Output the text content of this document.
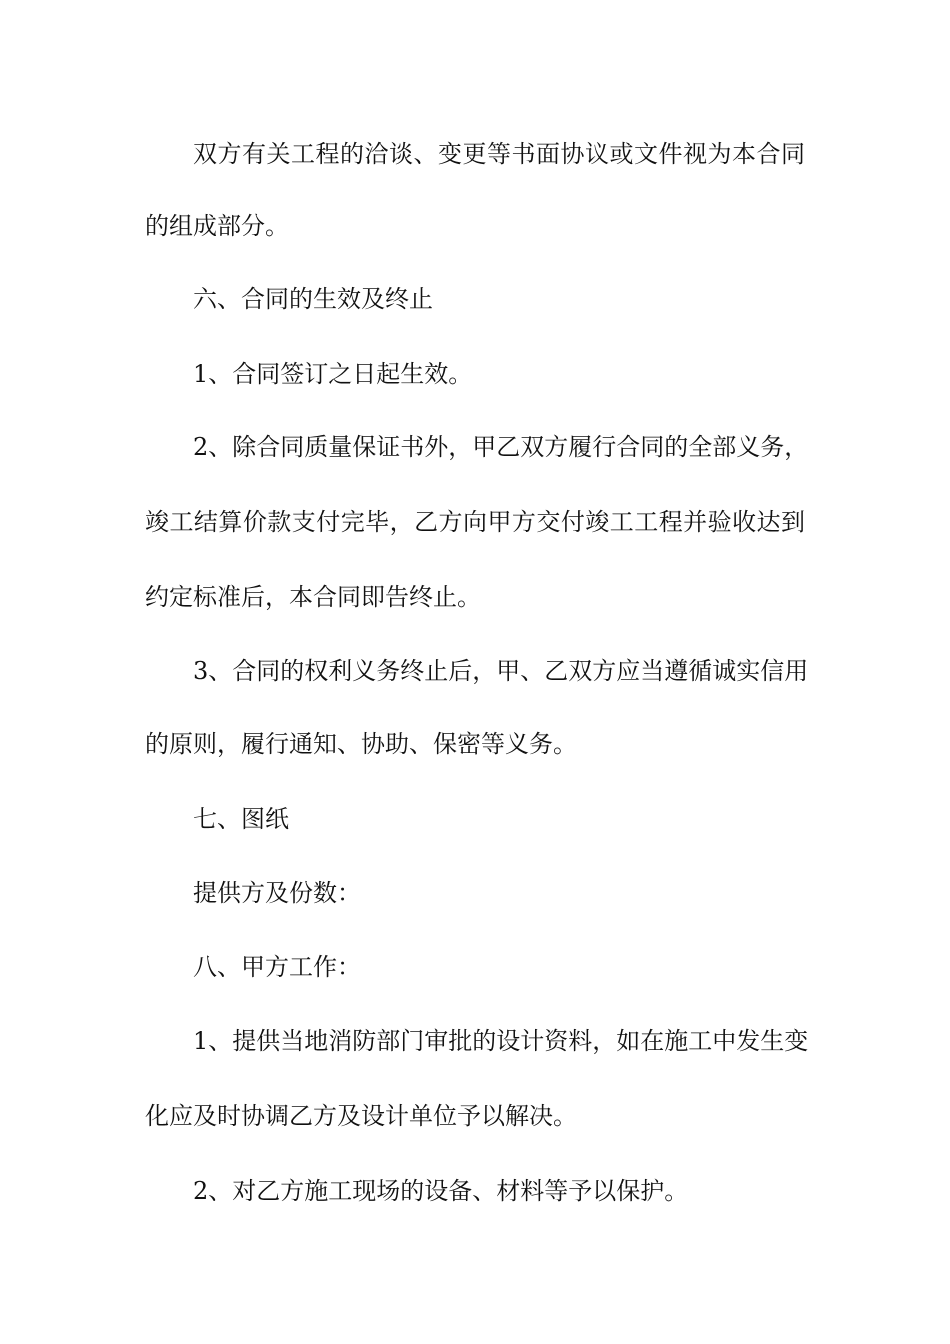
双方有关工程的洽谈、变更等书面协议或文件视为本合同
的组成部分。
六、合同的生效及终止
1、合同签订之日起生效。
2、除合同质量保证书外，甲乙双方履行合同的全部义务，
竣工结算价款支付完毕，乙方向甲方交付竣工工程并验收达到
约定标准后，本合同即告终止。
3、合同的权利义务终止后，甲、乙双方应当遵循诚实信用
的原则，履行通知、协助、保密等义务。
七、图纸
提供方及份数：
八、甲方工作：
1、提供当地消防部门审批的设计资料，如在施工中发生变
化应及时协调乙方及设计单位予以解决。
2、对乙方施工现场的设备、材料等予以保护。
